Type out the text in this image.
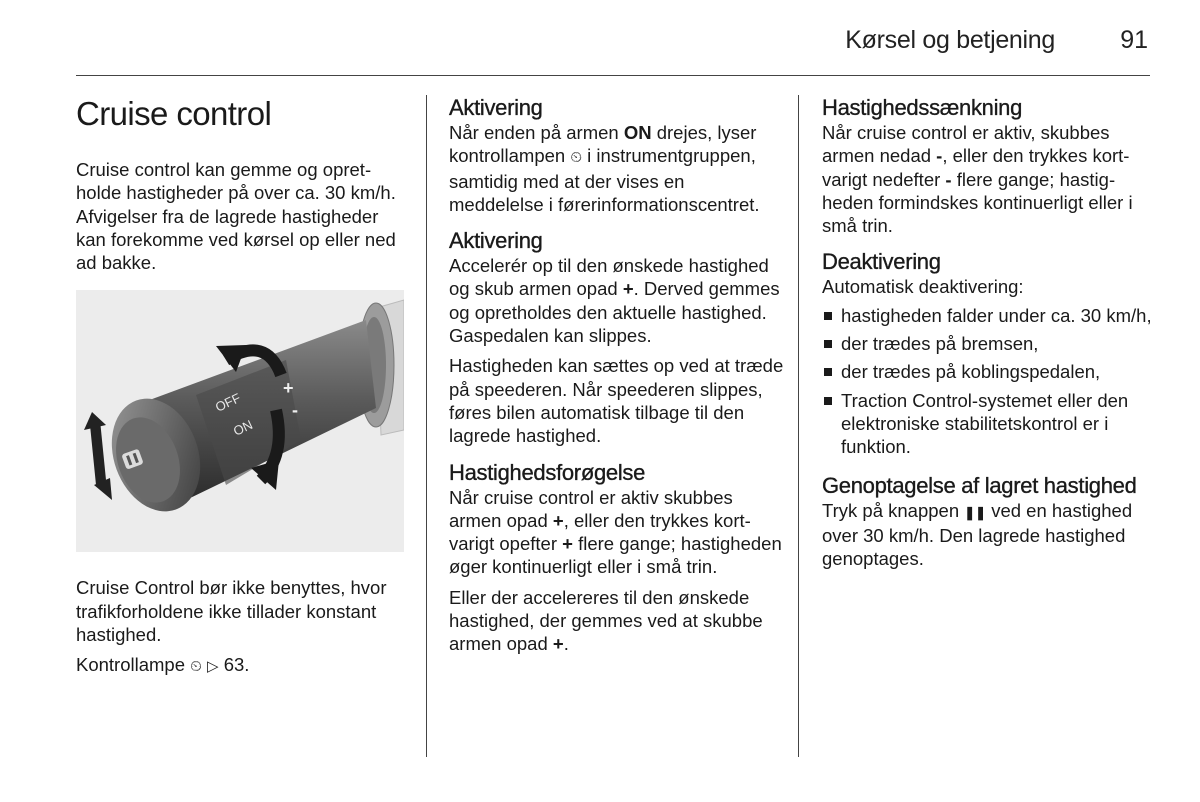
Kørsel og betjening	91
Cruise control

Cruise control kan gemme og opretholde hastigheder på over ca. 30 km/h. Afvigelser fra de lagrede hastigheder kan forekomme ved kørsel op eller ned ad bakke.

OFF
ON
+
-

Cruise Control bør ikke benyttes, hvor trafikforholdene ikke tillader konstant hastighed.

Kontrollampe ⏲ ▷ 63.

Aktivering

Når enden på armen ON drejes, lyser kontrollampen ⏲ i instrumentgruppen, samtidig med at der vises en meddelelse i førerinformationscentret.

Aktivering

Accelerér op til den ønskede hastighed og skub armen opad +. Derved gemmes og opretholdes den aktuelle hastighed. Gaspedalen kan slippes.

Hastigheden kan sættes op ved at træde på speederen. Når speederen slippes, føres bilen automatisk tilbage til den lagrede hastighed.

Hastighedsforøgelse

Når cruise control er aktiv skubbes armen opad +, eller den trykkes kortvarigt opefter + flere gange; hastigheden øger kontinuerligt eller i små trin.

Eller der accelereres til den ønskede hastighed, der gemmes ved at skubbe armen opad +.

Hastighedssænkning

Når cruise control er aktiv, skubbes armen nedad -, eller den trykkes kortvarigt nedefter - flere gange; hastigheden formindskes kontinuerligt eller i små trin.

Deaktivering

Automatisk deaktivering:

hastigheden falder under ca. 30 km/h,
der trædes på bremsen,
der trædes på koblingspedalen,
Traction Control-systemet eller den elektroniske stabilitetskontrol er i funktion.
Genoptagelse af lagret hastighed

Tryk på knappen ❚❚ ved en hastighed over 30 km/h. Den lagrede hastighed genoptages.
